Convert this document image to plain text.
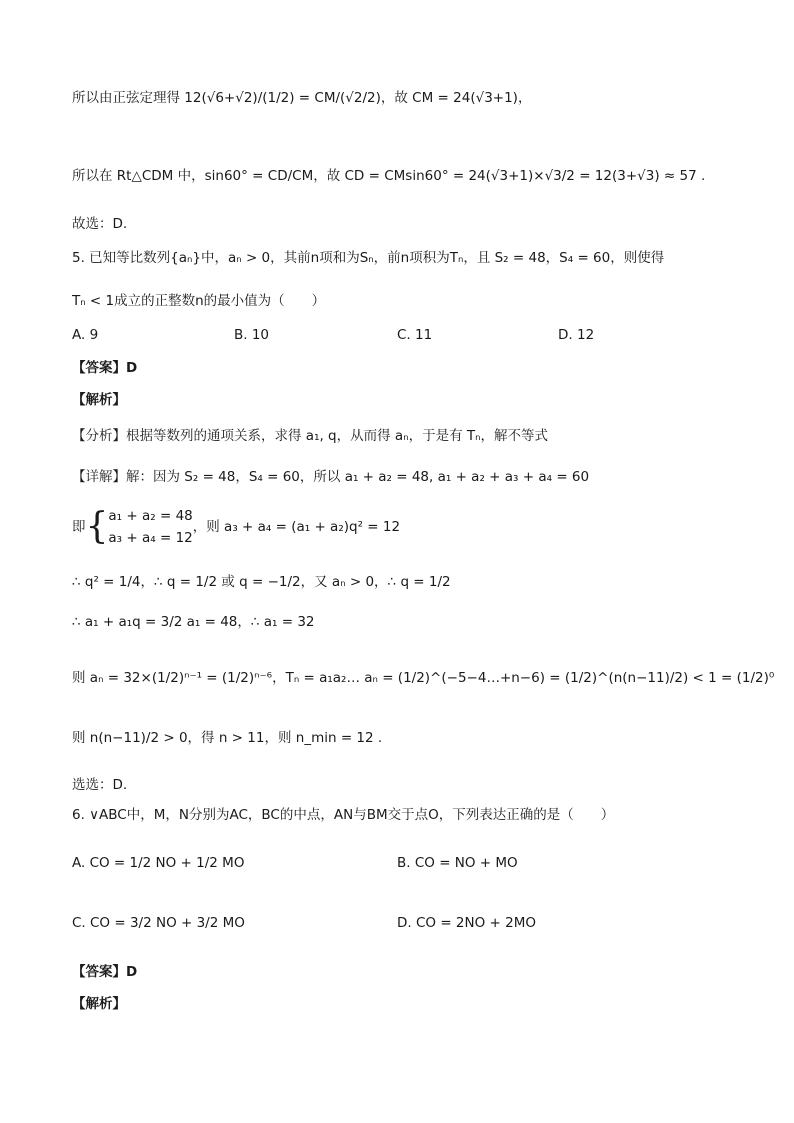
所以由正弦定理得 12(√6+√2)/(1/2) = CM/(√2/2)，故 CM = 24(√3+1)，
所以在 Rt△CDM 中，sin60° = CD/CM，故 CD = CMsin60° = 24(√3+1)×√3/2 = 12(3+√3) ≈ 57 .
故选：D.
5. 已知等比数列{aₙ}中，aₙ > 0，其前n项和为Sₙ，前n项积为Tₙ，且 S₂ = 48，S₄ = 60，则使得
Tₙ < 1成立的正整数n的最小值为（　　）
A. 9	B. 10	C. 11	D. 12
【答案】D
【解析】
【分析】根据等数列的通项关系，求得 a₁, q，从而得 aₙ，于是有 Tₙ，解不等式
【详解】解：因为 S₂ = 48，S₄ = 60，所以 a₁ + a₂ = 48, a₁ + a₂ + a₃ + a₄ = 60
即 { a₁ + a₂ = 48
a₃ + a₄ = 12
，则 a₃ + a₄ = (a₁ + a₂)q² = 12
∴ q² = 1/4，∴ q = 1/2 或 q = −1/2，又 aₙ > 0，∴ q = 1/2
∴ a₁ + a₁q = 3/2 a₁ = 48，∴ a₁ = 32
则 aₙ = 32×(1/2)ⁿ⁻¹ = (1/2)ⁿ⁻⁶，Tₙ = a₁a₂… aₙ = (1/2)^(−5−4…+n−6) = (1/2)^(n(n−11)/2) < 1 = (1/2)⁰
则 n(n−11)/2 > 0，得 n > 11，则 n_min = 12 .
选选：D.
6. ∨ABC中，M，N分别为AC，BC的中点，AN与BM交于点O，下列表达正确的是（　　）
A. CO = 1/2 NO + 1/2 MO	B. CO = NO + MO
C. CO = 3/2 NO + 3/2 MO	D. CO = 2NO + 2MO
【答案】D
【解析】
